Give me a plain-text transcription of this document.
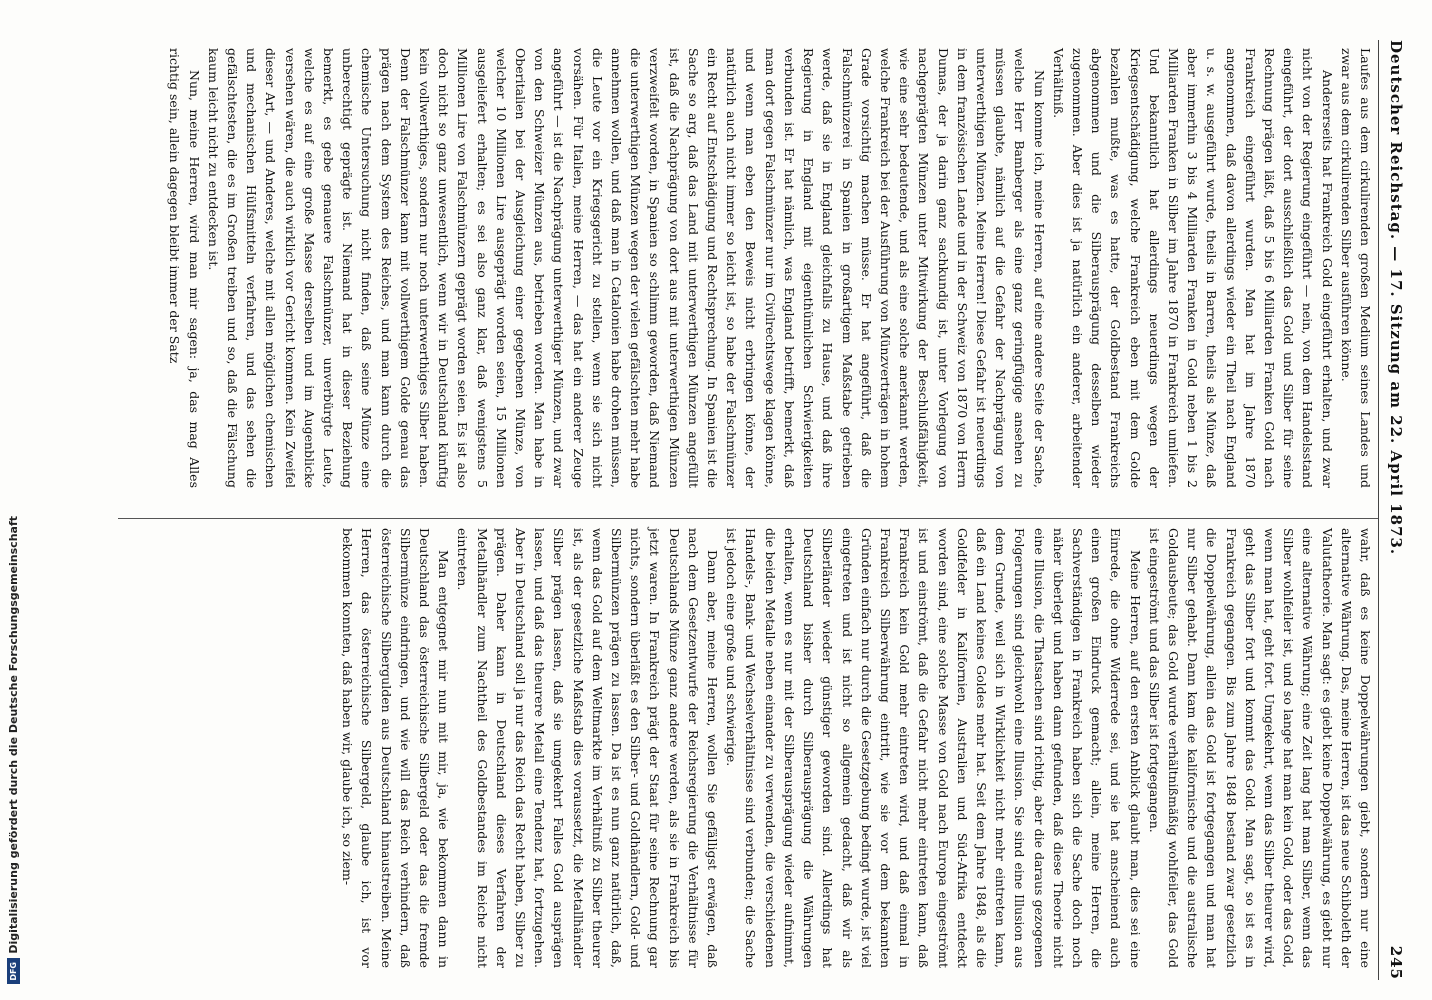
Deutscher Reichstag. — 17. Sitzung am 22. April 1873.
245

Laufes aus dem cirkulirenden großen Medium seines Landes und zwar aus dem cirkulirenden Silber ausführen könne.

Andererseits hat Frankreich Gold eingeführt erhalten, und zwar nicht von der Regierung eingeführt — nein, von dem Handelsstand eingeführt, der dort ausschließlich das Gold und Silber für seine Rechnung prägen läßt, daß 5 bis 6 Milliarden Franken Gold nach Frankreich eingeführt wurden. Man hat im Jahre 1870 angenommen, daß davon allerdings wieder ein Theil nach England u. s. w. ausgeführt wurde, theils in Barren, theils als Münze, daß aber immerhin 3 bis 4 Milliarden Franken in Gold neben 1 bis 2 Milliarden Franken in Silber im Jahre 1870 in Frankreich umliefen. Und bekanntlich hat allerdings neuerdings wegen der Kriegsentschädigung, welche Frankreich eben mit dem Golde bezahlen mußte, was es hatte, der Goldbestand Frankreichs abgenommen und die Silberausprägung desselben wieder zugenommen. Aber dies ist ja natürlich ein anderer, arbeitender Verhältniß.

Nun komme ich, meine Herren, auf eine andere Seite der Sache, welche Herr Bamberger als eine ganz geringfügige ansehen zu müssen glaubte, nämlich auf die Gefahr der Nachprägung von unterwerthigen Münzen. Meine Herren! Diese Gefahr ist neuerdings in dem französischen Lande und in der Schweiz von 1870 von Herrn Dumas, der ja darin ganz sachkundig ist, unter Vorlegung von nachgeprägten Münzen unter Mitwirkung der Beschlußfähigkeit, wie eine sehr bedeutende, und als eine solche anerkannt werden, welche Frankreich bei der Ausführung von Münzverträgen in hohem Grade vorsichtig machen müsse. Er hat angeführt, daß die Falschmünzerei in Spanien in großartigem Maßstabe getrieben werde, daß sie in England gleichfalls zu Hause, und daß ihre Regierung in England mit eigenthümlichen Schwierigkeiten verbunden ist. Er hat nämlich, was England betrifft, bemerkt, daß man dort gegen Falschmünzer nur im Civilrechtswege klagen könne, und wenn man eben den Beweis nicht erbringen könne, der natürlich auch nicht immer so leicht ist, so habe der Falschmünzer ein Recht auf Entschädigung und Rechtsprechung. In Spanien ist die Sache so arg, daß das Land mit unterwerthigen Münzen angefüllt ist, daß die Nachprägung von dort aus mit unterwerthigen Münzen verzweifelt worden, in Spanien so schlimm geworden, daß Niemand die unterwerthigen Münzen wegen der vielen gefälschten mehr habe annehmen wollen, und daß man in Catalonien habe drohen müssen, die Leute vor ein Kriegsgericht zu stellen, wenn sie sich nicht vorsähen. Für Italien, meine Herren, — das hat ein anderer Zeuge angeführt — ist die Nachprägung unterwerthiger Münzen, und zwar von den Schweizer Münzen aus, betrieben worden. Man habe in Oberitalien bei der Ausgleichung einer gegebenen Münze, von welcher 10 Millionen Lire ausgeprägt worden seien, 15 Millionen ausgeliefert erhalten; es sei also ganz klar, daß wenigstens 5 Millionen Lire von Falschmünzern geprägt worden seien. Es ist also doch nicht so ganz unwesentlich, wenn wir in Deutschland künftig kein vollwerthiges, sondern nur noch unterwerthiges Silber haben. Denn der Falschmünzer kann mit vollwerthigem Golde genau das prägen nach dem System des Reiches, und man kann durch die chemische Untersuchung nicht finden, daß seine Münze eine unberechtigt geprägte ist. Niemand hat in dieser Beziehung bemerkt, es gebe genauere Falschmünzer, unverbürgte Leute, welche es auf eine große Masse derselben und im Augenblicke versehen wären, die auch wirklich vor Gericht kommen. Kein Zweifel dieser Art, — und Anderes, welche mit allen möglichen chemischen und mechanischen Hülfsmitteln verfahren, und das sehen die gefälschtesten, die es im Großen treiben und so, daß die Fälschung kaum leicht nicht zu entdecken ist.

Nun, meine Herren, wird man mir sagen: ja, das mag Alles richtig sein, allein dagegen bleibt immer der Satz

wahr, daß es keine Doppelwährungen giebt, sondern nur eine alternative Währung. Das, meine Herren, ist das neue Schiboleth der Valutatheorie. Man sagt: es giebt keine Doppelwährung, es giebt nur eine alternative Währung; eine Zeit lang hat man Silber, wenn das Silber wohlfeiler ist, und so lange hat man kein Gold, oder das Gold, wenn man hat, geht fort. Umgekehrt, wenn das Silber theurer wird, geht das Silber fort und kommt das Gold. Man sagt, so ist es in Frankreich gegangen. Bis zum Jahre 1848 bestand zwar gesetzlich die Doppelwährung, allein das Gold ist fortgegangen und man hat nur Silber gehabt. Dann kam die kalifornische und die australische Goldausbeute; das Gold wurde verhältnißmäßig wohlfeiler, das Gold ist eingeströmt und das Silber ist fortgegangen.

Meine Herren, auf den ersten Anblick glaubt man, dies sei eine Einrede, die ohne Widerrede sei, und sie hat anscheinend auch einen großen Eindruck gemacht; allein, meine Herren, die Sachverständigen in Frankreich haben sich die Sache doch noch näher überlegt und haben dann gefunden, daß diese Theorie nicht eine Illusion, die Thatsachen sind richtig, aber die daraus gezogenen Folgerungen sind gleichwohl eine Illusion. Sie sind eine Illusion aus dem Grunde, weil sich in Wirklichkeit nicht mehr eintreten kann, daß ein Land keines Goldes mehr hat. Seit dem Jahre 1848, als die Goldfelder in Kalifornien, Australien und Süd-Afrika entdeckt worden sind, eine solche Masse von Gold nach Europa eingeströmt ist und einströmt, daß die Gefahr nicht mehr eintreten kann, daß Frankreich kein Gold mehr eintreten wird, und daß einmal in Frankreich Silberwährung eintritt, wie sie vor dem bekannten Gründen einfach nur durch die Gesetzgebung bedingt wurde, ist viel eingetreten und ist nicht so allgemein gedacht, daß wir als Silberländer wieder günstiger geworden sind. Allerdings hat Deutschland bisher durch Silberausprägung die Währungen erhalten, wenn es nur mit der Silberausprägung wieder aufnimmt, die beiden Metalle neben einander zu verwenden, die verschiedenen Handels-, Bank- und Wechselverhältnisse sind verbunden; die Sache ist jedoch eine große und schwierige.

Dann aber, meine Herren, wollen Sie gefälligst erwägen, daß nach dem Gesetzentwurfe der Reichsregierung die Verhältnisse für Deutschlands Münze ganz andere werden, als sie in Frankreich bis jetzt waren. In Frankreich prägt der Staat für seine Rechnung gar nichts, sondern überläßt es den Silber- und Goldhändlern, Gold- und Silbermünzen prägen zu lassen. Da ist es nun ganz natürlich, daß, wenn das Gold auf dem Weltmarkte im Verhältniß zu Silber theurer ist, als der gesetzliche Maßstab dies voraussetzt, die Metallhändler Silber prägen lassen, daß sie umgekehrt Falles Gold ausprägen lassen, und daß das theurere Metall eine Tendenz hat, fortzugehen. Aber in Deutschland soll ja nur das Reich das Recht haben, Silber zu prägen. Daher kann in Deutschland dieses Verfahren der Metallhändler zum Nachtheil des Goldbestandes im Reiche nicht eintreten.

Man entgegnet mir nun mit mir, ja, wie bekommen dann in Deutschland das österreichische Silbergeld oder das die fremde Silbermünze eindringen, und wie will das Reich verhindern, daß österreichische Silbergulden aus Deutschland hinaustreiben. Meine Herren, das österreichische Silbergeld, glaube ich, ist vor bekommen konnten, daß haben wir, glaube ich, so ziem-

Digitalisierung gefördert durch die Deutsche Forschungsgemeinschaft
DFG
